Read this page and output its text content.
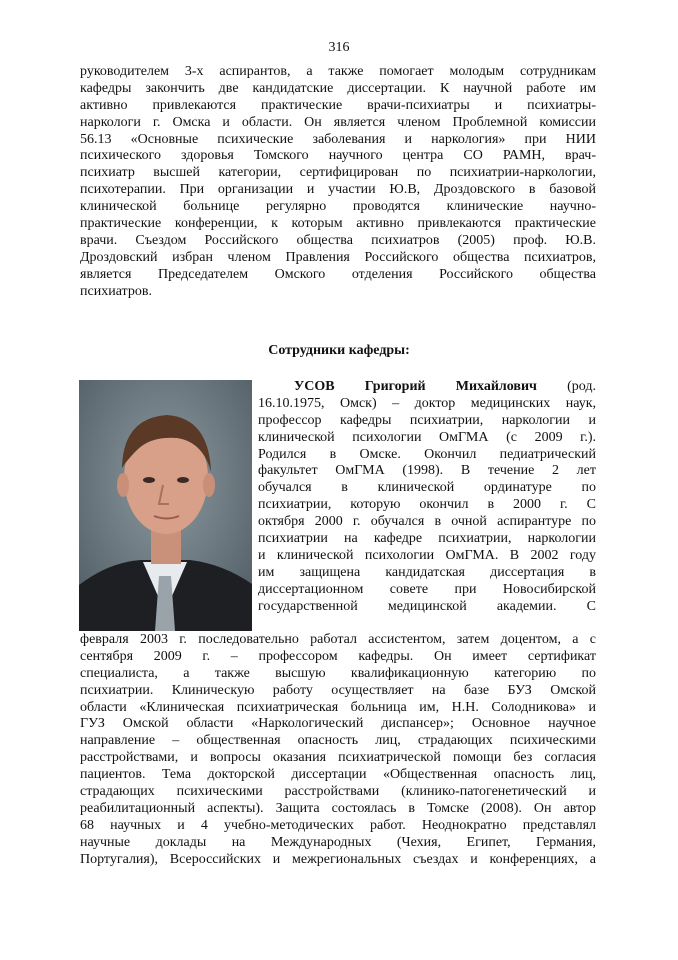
316
руководителем 3-х аспирантов, а также помогает молодым сотрудникам
кафедры закончить две кандидатские диссертации. К научной работе им
активно привлекаются практические врачи-психиатры и психиатры-
наркологи г. Омска и области. Он является членом Проблемной комиссии
56.13 «Основные психические заболевания и наркология» при НИИ
психического здоровья Томского научного центра СО РАМН, врач-
психиатр высшей категории, сертифицирован по психиатрии-наркологии,
психотерапии. При организации и участии Ю.В, Дроздовского в базовой
клинической больнице регулярно проводятся клинические научно-
практические конференции, к которым активно привлекаются практические
врачи. Съездом Российского общества психиатров (2005) проф. Ю.В.
Дроздовский избран членом Правления Российского общества психиатров,
является Председателем Омского отделения Российского общества
психиатров.
Сотрудники кафедры:
УСОВ Григорий Михайлович (род.
16.10.1975, Омск) – доктор медицинских наук,
профессор кафедры психиатрии, наркологии и
клинической психологии ОмГМА (с 2009 г.).
Родился в Омске. Окончил педиатрический
факультет ОмГМА (1998). В течение 2 лет
обучался в клинической ординатуре по
психиатрии, которую окончил в 2000 г. С
октября 2000 г. обучался в очной аспирантуре по
психиатрии на кафедре психиатрии, наркологии
и клинической психологии ОмГМА. В 2002 году
им защищена кандидатская диссертация в
диссертационном совете при Новосибирской
государственной медицинской академии. С
февраля 2003 г. последовательно работал ассистентом, затем доцентом, а с
сентября 2009 г. – профессором кафедры. Он имеет сертификат
специалиста, а также высшую квалификационную категорию по
психиатрии. Клиническую работу осуществляет на базе БУЗ Омской
области «Клиническая психиатрическая больница им, Н.Н. Солодникова» и
ГУЗ Омской области «Наркологический диспансер»; Основное научное
направление – общественная опасность лиц, страдающих психическими
расстройствами, и вопросы оказания психиатрической помощи без согласия
пациентов. Тема докторской диссертации «Общественная опасность лиц,
страдающих психическими расстройствами (клинико-патогенетический и
реабилитационный аспекты). Защита состоялась в Томске (2008). Он автор
68 научных и 4 учебно-методических работ. Неоднократно представлял
научные доклады на Международных (Чехия, Египет, Германия,
Португалия), Всероссийских и межрегиональных съездах и конференциях, а
